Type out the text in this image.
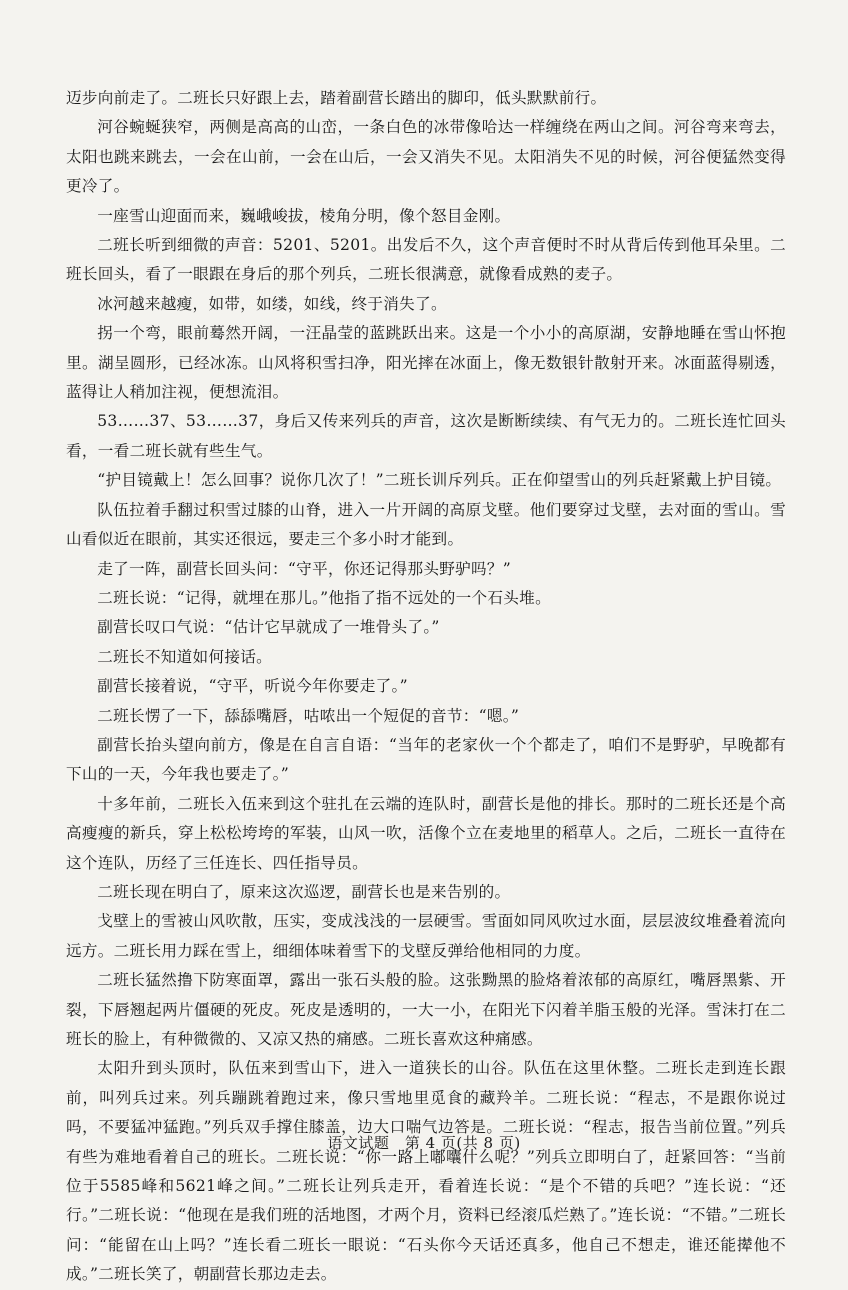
迈步向前走了。二班长只好跟上去，踏着副营长踏出的脚印，低头默默前行。

河谷蜿蜒狭窄，两侧是高高的山峦，一条白色的冰带像哈达一样缠绕在两山之间。河谷弯来弯去，太阳也跳来跳去，一会在山前，一会在山后，一会又消失不见。太阳消失不见的时候，河谷便猛然变得更冷了。

一座雪山迎面而来，巍峨峻拔，棱角分明，像个怒目金刚。

二班长听到细微的声音：5201、5201。出发后不久，这个声音便时不时从背后传到他耳朵里。二班长回头，看了一眼跟在身后的那个列兵，二班长很满意，就像看成熟的麦子。

冰河越来越瘦，如带，如缕，如线，终于消失了。

拐一个弯，眼前蓦然开阔，一汪晶莹的蓝跳跃出来。这是一个小小的高原湖，安静地睡在雪山怀抱里。湖呈圆形，已经冰冻。山风将积雪扫净，阳光摔在冰面上，像无数银针散射开来。冰面蓝得剔透，蓝得让人稍加注视，便想流泪。

53……37、53……37，身后又传来列兵的声音，这次是断断续续、有气无力的。二班长连忙回头看，一看二班长就有些生气。

“护目镜戴上！怎么回事？说你几次了！”二班长训斥列兵。正在仰望雪山的列兵赶紧戴上护目镜。

队伍拉着手翻过积雪过膝的山脊，进入一片开阔的高原戈壁。他们要穿过戈壁，去对面的雪山。雪山看似近在眼前，其实还很远，要走三个多小时才能到。

走了一阵，副营长回头问：“守平，你还记得那头野驴吗？”

二班长说：“记得，就埋在那儿。”他指了指不远处的一个石头堆。

副营长叹口气说：“估计它早就成了一堆骨头了。”

二班长不知道如何接话。

副营长接着说，“守平，听说今年你要走了。”

二班长愣了一下，舔舔嘴唇，咕哝出一个短促的音节：“嗯。”

副营长抬头望向前方，像是在自言自语：“当年的老家伙一个个都走了，咱们不是野驴，早晚都有下山的一天，今年我也要走了。”

十多年前，二班长入伍来到这个驻扎在云端的连队时，副营长是他的排长。那时的二班长还是个高高瘦瘦的新兵，穿上松松垮垮的军装，山风一吹，活像个立在麦地里的稻草人。之后，二班长一直待在这个连队，历经了三任连长、四任指导员。

二班长现在明白了，原来这次巡逻，副营长也是来告别的。

戈壁上的雪被山风吹散，压实，变成浅浅的一层硬雪。雪面如同风吹过水面，层层波纹堆叠着流向远方。二班长用力踩在雪上，细细体味着雪下的戈壁反弹给他相同的力度。

二班长猛然撸下防寒面罩，露出一张石头般的脸。这张黝黑的脸烙着浓郁的高原红，嘴唇黑紫、开裂，下唇翘起两片僵硬的死皮。死皮是透明的，一大一小，在阳光下闪着羊脂玉般的光泽。雪沫打在二班长的脸上，有种微微的、又凉又热的痛感。二班长喜欢这种痛感。

太阳升到头顶时，队伍来到雪山下，进入一道狭长的山谷。队伍在这里休整。二班长走到连长跟前，叫列兵过来。列兵蹦跳着跑过来，像只雪地里觅食的藏羚羊。二班长说：“程志，不是跟你说过吗，不要猛冲猛跑。”列兵双手撑住膝盖，边大口喘气边答是。二班长说：“程志，报告当前位置。”列兵有些为难地看着自己的班长。二班长说：“你一路上嘟囔什么呢？”列兵立即明白了，赶紧回答：“当前位于5585峰和5621峰之间。”二班长让列兵走开，看着连长说：“是个不错的兵吧？”连长说：“还行。”二班长说：“他现在是我们班的活地图，才两个月，资料已经滚瓜烂熟了。”连长说：“不错。”二班长问：“能留在山上吗？”连长看二班长一眼说：“石头你今天话还真多，他自己不想走，谁还能撵他不成。”二班长笑了，朝副营长那边走去。

语文试题　第 4 页(共 8 页)
